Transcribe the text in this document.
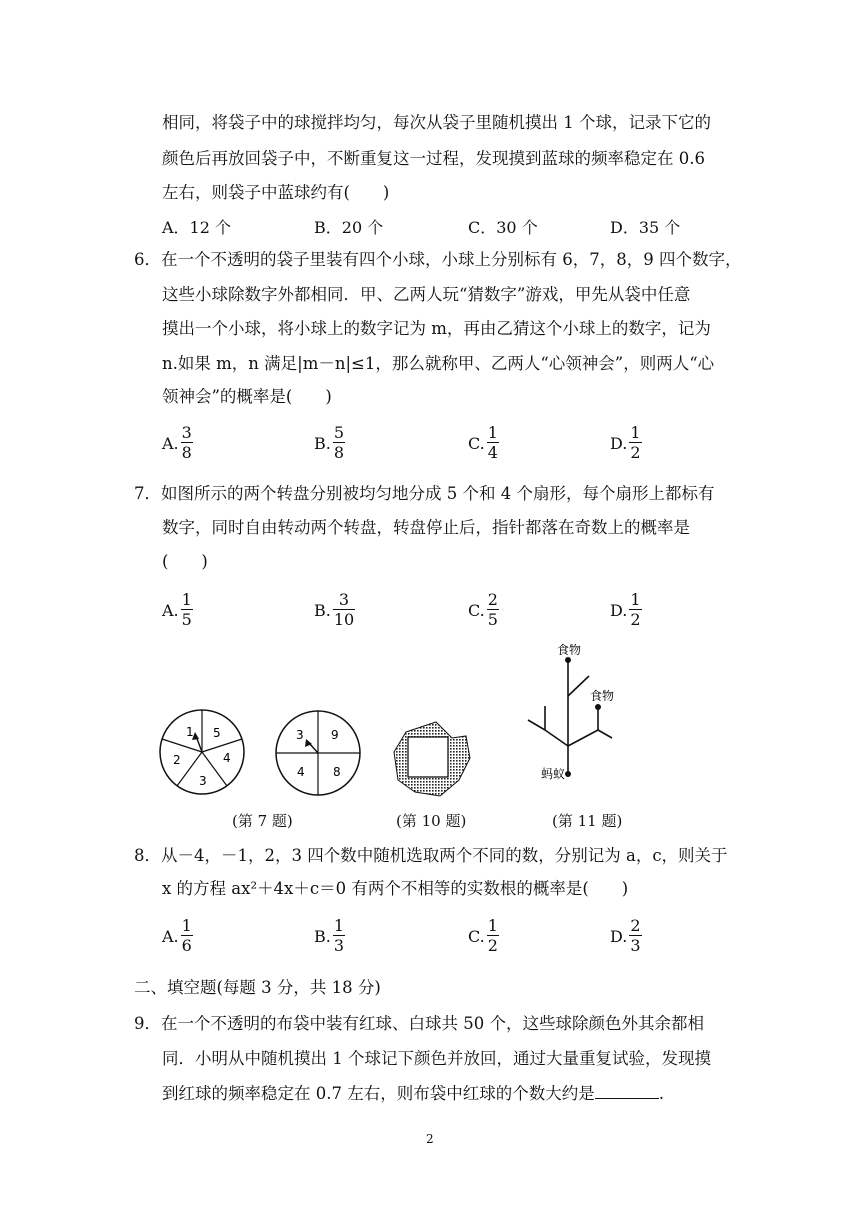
相同，将袋子中的球搅拌均匀，每次从袋子里随机摸出 1 个球，记录下它的
颜色后再放回袋子中，不断重复这一过程，发现摸到蓝球的频率稳定在 0.6
左右，则袋子中蓝球约有(　　)
A．12 个	B．20 个	C．30 个	D．35 个
6．在一个不透明的袋子里装有四个小球，小球上分别标有 6，7，8，9 四个数字，
这些小球除数字外都相同．甲、乙两人玩“猜数字”游戏，甲先从袋中任意
摸出一个小球，将小球上的数字记为 m，再由乙猜这个小球上的数字，记为
n.如果 m，n 满足|m－n|≤1，那么就称甲、乙两人“心领神会”，则两人“心
领神会”的概率是(　　)
A. $\frac{3}{8}$	B. $\frac{5}{8}$	C. $\frac{1}{4}$	D. $\frac{1}{2}$
7．如图所示的两个转盘分别被均匀地分成 5 个和 4 个扇形，每个扇形上都标有
数字，同时自由转动两个转盘，转盘停止后，指针都落在奇数上的概率是
(　　)
A. $\frac{1}{5}$	B. $\frac{3}{10}$	C. $\frac{2}{5}$	D. $\frac{1}{2}$
1 5
4
3
2
3 9
8
4
食物
食物
蚂蚁
(第 7 题)	(第 10 题)	(第 11 题)
8．从－4，－1，2，3 四个数中随机选取两个不同的数，分别记为 a，c，则关于
x 的方程 ax²＋4x＋c＝0 有两个不相等的实数根的概率是(　　)
A. $\frac{1}{6}$	B. $\frac{1}{3}$	C. $\frac{1}{2}$	D. $\frac{2}{3}$
二、填空题(每题 3 分，共 18 分)
9．在一个不透明的布袋中装有红球、白球共 50 个，这些球除颜色外其余都相
同．小明从中随机摸出 1 个球记下颜色并放回，通过大量重复试验，发现摸
到红球的频率稳定在 0.7 左右，则布袋中红球的个数大约是	.
2
